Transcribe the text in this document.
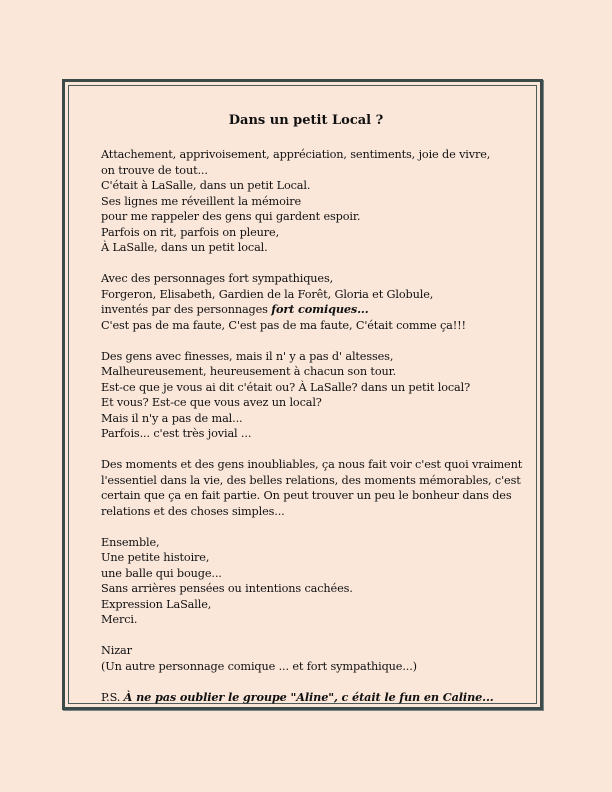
Dans un petit Local ?
Attachement, apprivoisement, appréciation, sentiments, joie de vivre,
on trouve de tout...
C'était à LaSalle, dans un petit Local.
Ses lignes me réveillent la mémoire
pour me rappeler des gens qui gardent espoir.
Parfois on rit, parfois on pleure,
À LaSalle, dans un petit local.
Avec des personnages fort sympathiques,
Forgeron, Elisabeth, Gardien de la Forêt, Gloria et Globule,
inventés par des personnages fort comiques...
C'est pas de ma faute, C'est pas de ma faute, C'était comme ça!!!
Des gens avec finesses, mais il n' y a pas d' altesses,
Malheureusement, heureusement à chacun son tour.
Est-ce que je vous ai dit c'était ou? À LaSalle? dans un petit local?
Et vous? Est-ce que vous avez un local?
Mais il n'y a pas de mal...
Parfois... c'est très jovial ...
Des moments et des gens inoubliables, ça nous fait voir c'est quoi vraiment
l'essentiel dans la vie, des belles relations, des moments mémorables, c'est
certain que ça en fait partie. On peut trouver un peu le bonheur dans des
relations et des choses simples...
Ensemble,
Une petite histoire,
une balle qui bouge...
Sans arrières pensées ou intentions cachées.
Expression LaSalle,
Merci.
Nizar
(Un autre personnage comique ... et fort sympathique...)
P.S. À ne pas oublier le groupe "Aline", c était le fun en Caline...
